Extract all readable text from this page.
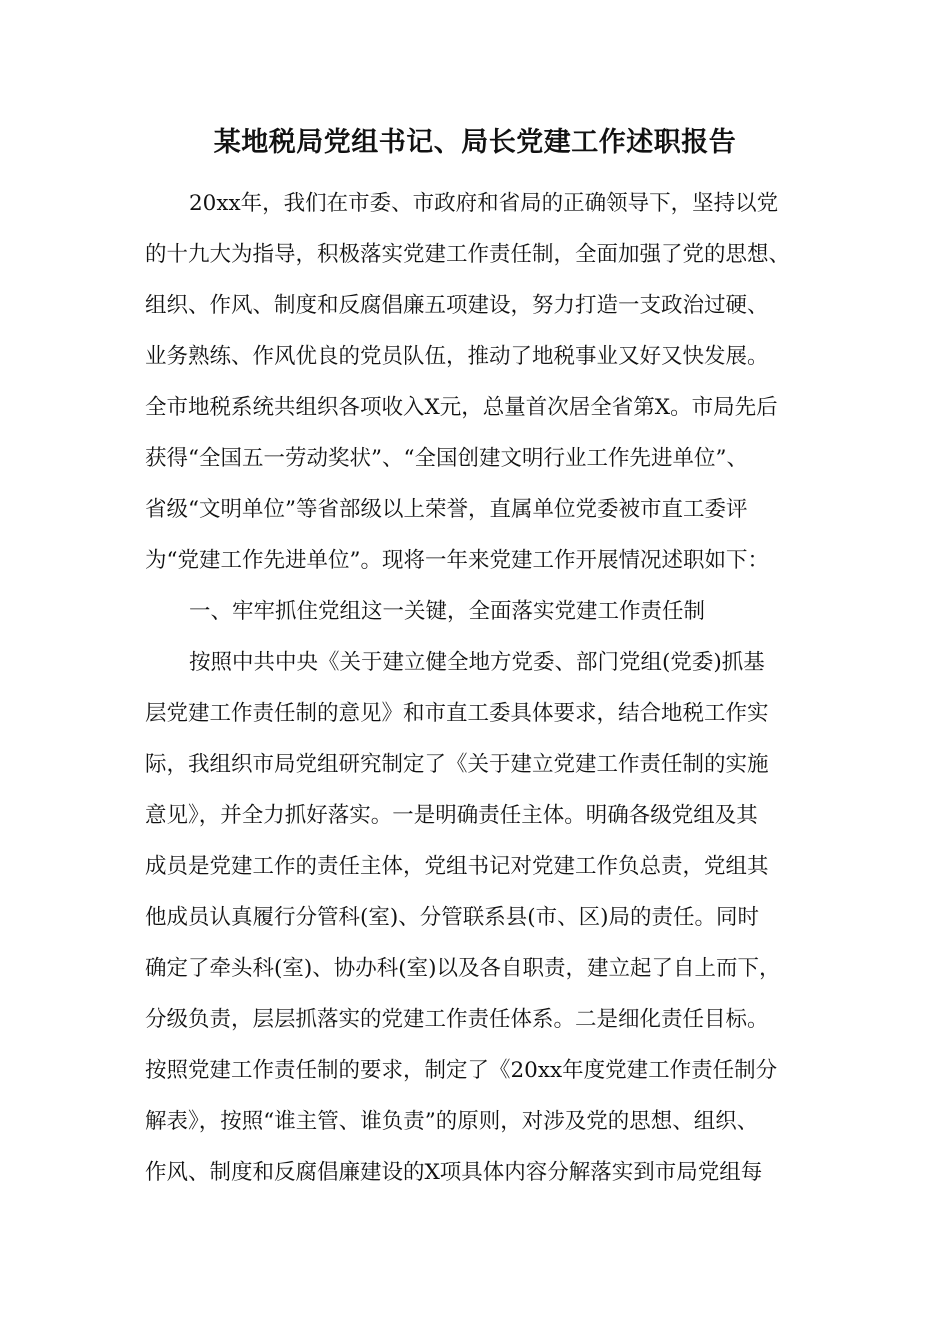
某地税局党组书记、局长党建工作述职报告

20xx年，我们在市委、市政府和省局的正确领导下，坚持以党

的十九大为指导，积极落实党建工作责任制，全面加强了党的思想、

组织、作风、制度和反腐倡廉五项建设，努力打造一支政治过硬、

业务熟练、作风优良的党员队伍，推动了地税事业又好又快发展。

全市地税系统共组织各项收入X元，总量首次居全省第X。市局先后

获得“全国五一劳动奖状”、“全国创建文明行业工作先进单位”、

省级“文明单位”等省部级以上荣誉，直属单位党委被市直工委评

为“党建工作先进单位”。现将一年来党建工作开展情况述职如下：

一、牢牢抓住党组这一关键，全面落实党建工作责任制

按照中共中央《关于建立健全地方党委、部门党组(党委)抓基

层党建工作责任制的意见》和市直工委具体要求，结合地税工作实

际，我组织市局党组研究制定了《关于建立党建工作责任制的实施

意见》，并全力抓好落实。一是明确责任主体。明确各级党组及其

成员是党建工作的责任主体，党组书记对党建工作负总责，党组其

他成员认真履行分管科(室)、分管联系县(市、区)局的责任。同时

确定了牵头科(室)、协办科(室)以及各自职责，建立起了自上而下，

分级负责，层层抓落实的党建工作责任体系。二是细化责任目标。

按照党建工作责任制的要求，制定了《20xx年度党建工作责任制分

解表》，按照“谁主管、谁负责”的原则，对涉及党的思想、组织、

作风、制度和反腐倡廉建设的X项具体内容分解落实到市局党组每
